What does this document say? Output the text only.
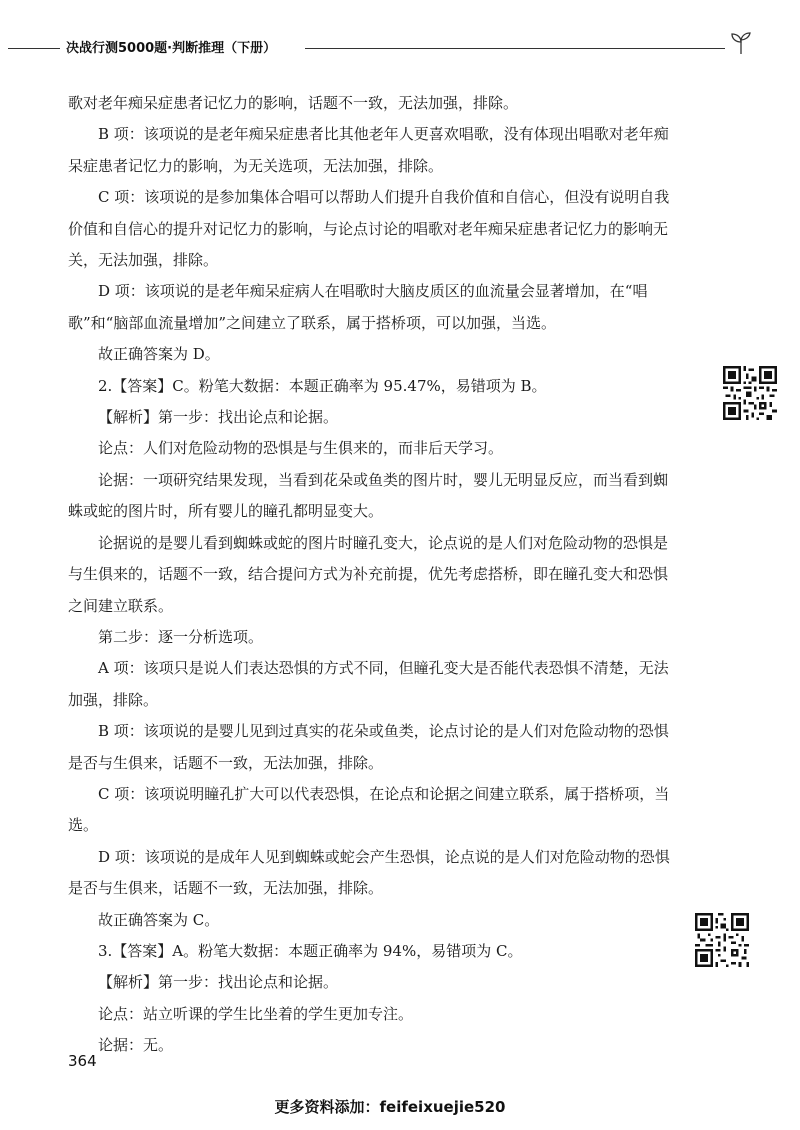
决战行测5000题·判断推理（下册）

歌对老年痴呆症患者记忆力的影响，话题不一致，无法加强，排除。

B 项：该项说的是老年痴呆症患者比其他老年人更喜欢唱歌，没有体现出唱歌对老年痴呆症患者记忆力的影响，为无关选项，无法加强，排除。

C 项：该项说的是参加集体合唱可以帮助人们提升自我价值和自信心，但没有说明自我价值和自信心的提升对记忆力的影响，与论点讨论的唱歌对老年痴呆症患者记忆力的影响无关，无法加强，排除。

D 项：该项说的是老年痴呆症病人在唱歌时大脑皮质区的血流量会显著增加，在“唱歌”和“脑部血流量增加”之间建立了联系，属于搭桥项，可以加强，当选。

故正确答案为 D。

2.【答案】C。粉笔大数据：本题正确率为 95.47%，易错项为 B。

【解析】第一步：找出论点和论据。

论点：人们对危险动物的恐惧是与生俱来的，而非后天学习。

论据：一项研究结果发现，当看到花朵或鱼类的图片时，婴儿无明显反应，而当看到蜘蛛或蛇的图片时，所有婴儿的瞳孔都明显变大。

论据说的是婴儿看到蜘蛛或蛇的图片时瞳孔变大，论点说的是人们对危险动物的恐惧是与生俱来的，话题不一致，结合提问方式为补充前提，优先考虑搭桥，即在瞳孔变大和恐惧之间建立联系。

第二步：逐一分析选项。

A 项：该项只是说人们表达恐惧的方式不同，但瞳孔变大是否能代表恐惧不清楚，无法加强，排除。

B 项：该项说的是婴儿见到过真实的花朵或鱼类，论点讨论的是人们对危险动物的恐惧是否与生俱来，话题不一致，无法加强，排除。

C 项：该项说明瞳孔扩大可以代表恐惧，在论点和论据之间建立联系，属于搭桥项，当选。

D 项：该项说的是成年人见到蜘蛛或蛇会产生恐惧，论点说的是人们对危险动物的恐惧是否与生俱来，话题不一致，无法加强，排除。

故正确答案为 C。

3.【答案】A。粉笔大数据：本题正确率为 94%，易错项为 C。

【解析】第一步：找出论点和论据。

论点：站立听课的学生比坐着的学生更加专注。

论据：无。

364
更多资料添加：feifeixuejie520
